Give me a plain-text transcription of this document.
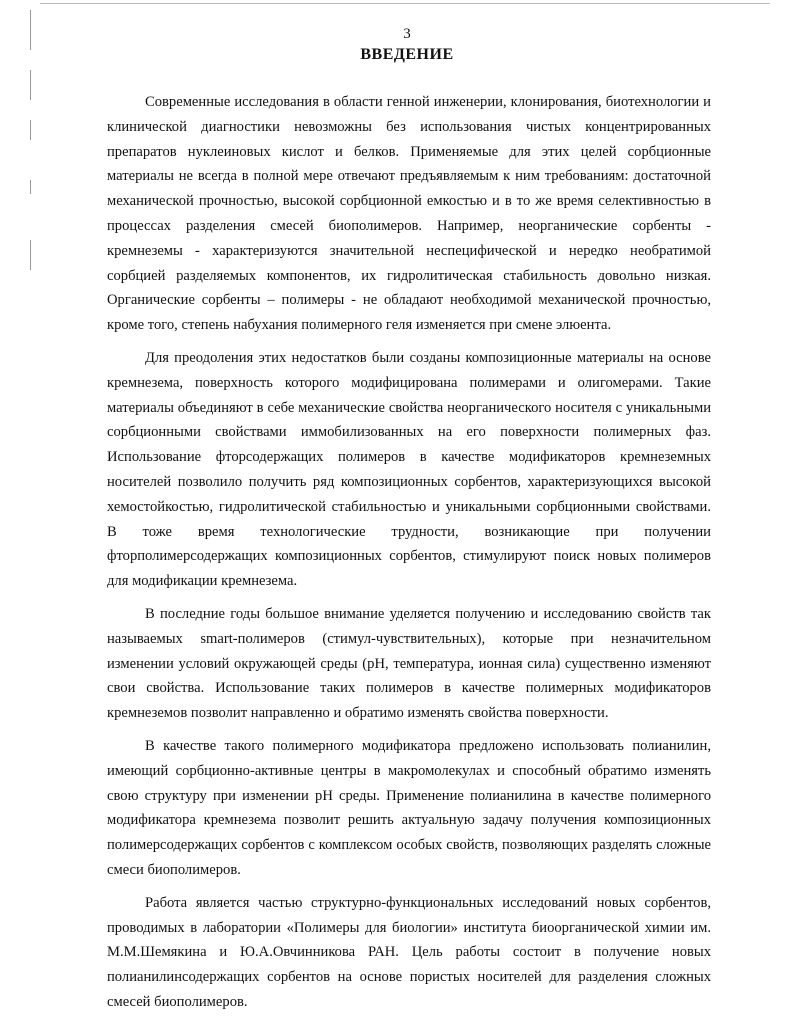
3
ВВЕДЕНИЕ

Современные исследования в области генной инженерии, клонирования, биотехнологии и клинической диагностики невозможны без использования чистых концентрированных препаратов нуклеиновых кислот и белков. Применяемые для этих целей сорбционные материалы не всегда в полной мере отвечают предъявляемым к ним требованиям: достаточной механической прочностью, высокой сорбционной емкостью и в то же время селективностью в процессах разделения смесей биополимеров. Например, неорганические сорбенты - кремнеземы - характеризуются значительной неспецифической и нередко необратимой сорбцией разделяемых компонентов, их гидролитическая стабильность довольно низкая. Органические сорбенты – полимеры - не обладают необходимой механической прочностью, кроме того, степень набухания полимерного геля изменяется при смене элюента.

Для преодоления этих недостатков были созданы композиционные материалы на основе кремнезема, поверхность которого модифицирована полимерами и олигомерами. Такие материалы объединяют в себе механические свойства неорганического носителя с уникальными сорбционными свойствами иммобилизованных на его поверхности полимерных фаз. Использование фторсодержащих полимеров в качестве модификаторов кремнеземных носителей позволило получить ряд композиционных сорбентов, характеризующихся высокой хемостойкостью, гидролитической стабильностью и уникальными сорбционными свойствами. В тоже время технологические трудности, возникающие при получении фторполимерсодержащих композиционных сорбентов, стимулируют поиск новых полимеров для модификации кремнезема.

В последние годы большое внимание уделяется получению и исследованию свойств так называемых smart-полимеров (стимул-чувствительных), которые при незначительном изменении условий окружающей среды (pH, температура, ионная сила) существенно изменяют свои свойства. Использование таких полимеров в качестве полимерных модификаторов кремнеземов позволит направленно и обратимо изменять свойства поверхности.

В качестве такого полимерного модификатора предложено использовать полианилин, имеющий сорбционно-активные центры в макромолекулах и способный обратимо изменять свою структуру при изменении pH среды. Применение полианилина в качестве полимерного модификатора кремнезема позволит решить актуальную задачу получения композиционных полимерсодержащих сорбентов с комплексом особых свойств, позволяющих разделять сложные смеси биополимеров.

Работа является частью структурно-функциональных исследований новых сорбентов, проводимых в лаборатории «Полимеры для биологии» института биоорганической химии им. М.М.Шемякина и Ю.А.Овчинникова РАН. Цель работы состоит в получение новых полианилинсодержащих сорбентов на основе пористых носителей для разделения сложных смесей биополимеров.
